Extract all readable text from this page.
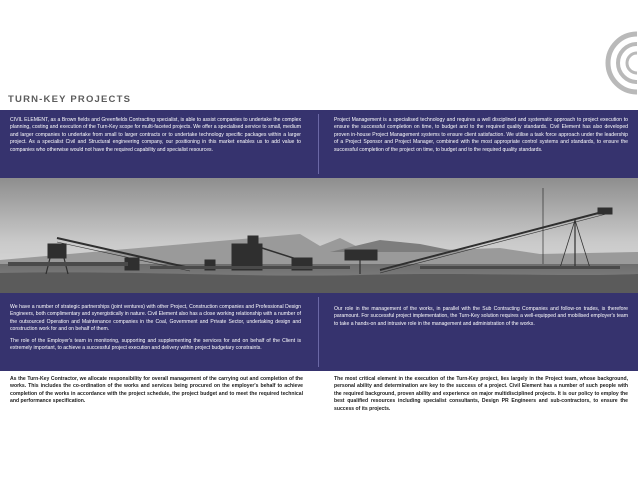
TURN-KEY PROJECTS

CIVIL ELEMENT, as a Brown fields and Greenfields Contracting specialist, is able to assist companies to undertake the complex planning, costing and execution of the Turn-Key scope for multi-faceted projects. We offer a specialised service to small, medium and larger companies to undertake from small to larger contracts or to undertake technology specific packages within a larger project. As a specialist Civil and Structural engineering company, our positioning in this market enables us to add value to companies who otherwise would not have the required capability and specialist resources.

Project Management is a specialised technology and requires a well disciplined and systematic approach to project execution to ensure the successful completion on time, to budget and to the required quality standards. Civil Element has also developed proven in-house Project Management systems to ensure client satisfaction. We utilise a task force approach under the leadership of a Project Sponsor and Project Manager, combined with the most appropriate control systems and standards, to ensure the successful completion of the project on time, to budget and to the required quality standards.

We have a number of strategic partnerships (joint ventures) with other Project, Construction companies and Professional Design Engineers, both complimentary and synergistically in nature. Civil Element also has a close working relationship with a number of the outsourced Operation and Maintenance companies in the Coal, Government and Private Sector, undertaking design and construction work for and on behalf of them.

The role of the Employer's team in monitoring, supporting and supplementing the services for and on behalf of the Client is extremely important, to achieve a successful project execution and delivery within project budgetary constraints.

Our role in the management of the works, in parallel with the Sub Contracting Companies and follow-on trades, is therefore paramount. For successful project implementation, the Turn-Key solution requires a well-equipped and mobilised employer's team to take a hands-on and intrusive role in the management and administration of the works.

As the Turn-Key Contractor, we allocate responsibility for overall management of the carrying out and completion of the works. This includes the co-ordination of the works and services being procured on the employer's behalf to achieve completion of the works in accordance with the project schedule, the project budget and to meet the required technical and performance specification.
The most critical element in the execution of the Turn-Key project, lies largely in the Project team, whose background, personal ability and determination are key to the success of a project. Civil Element has a number of such people with the required background, proven ability and experience on major multidisciplined projects. It is our policy to employ the best qualified resources including specialist consultants, Design PR Engineers and sub-contractors, to ensure the success of its projects.
